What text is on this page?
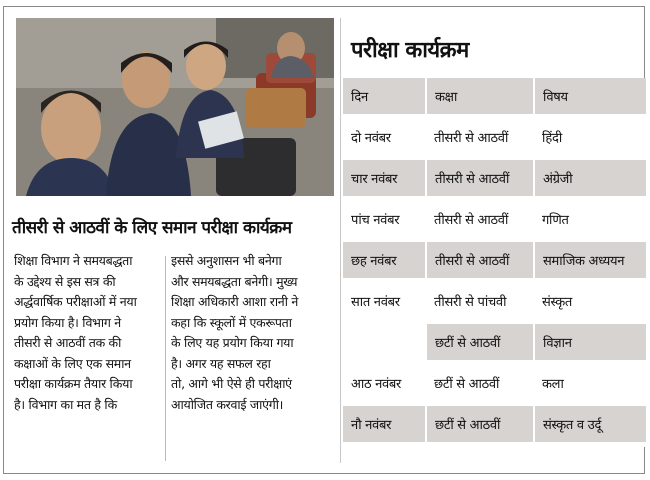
तीसरी से आठवीं के लिए समान परीक्षा कार्यक्रम
शिक्षा विभाग ने समयबद्धता
के उद्देश्य से इस सत्र की
अर्द्धवार्षिक परीक्षाओं में नया
प्रयोग किया है। विभाग ने
तीसरी से आठवीं तक की
कक्षाओं के लिए एक समान
परीक्षा कार्यक्रम तैयार किया
है। विभाग का मत है कि
इससे अनुशासन भी बनेगा
और समयबद्धता बनेगी। मुख्य
शिक्षा अधिकारी आशा रानी ने
कहा कि स्कूलों में एकरूपता
के लिए यह प्रयोग किया गया
है। अगर यह सफल रहा
तो, आगे भी ऐसे ही परीक्षाएं
आयोजित करवाई जाएंगी।
परीक्षा कार्यक्रम
दिन	कक्षा	विषय
दो नवंबर	तीसरी से आठवीं	हिंदी
चार नवंबर	तीसरी से आठवीं	अंग्रेजी
पांच नवंबर	तीसरी से आठवीं	गणित
छह नवंबर	तीसरी से आठवीं	समाजिक अध्ययन
सात नवंबर	तीसरी से पांचवी	संस्कृत
	छटीं से आठवीं	विज्ञान
आठ नवंबर	छटीं से आठवीं	कला
नौ नवंबर	छटीं से आठवीं	संस्कृत व उर्दू
